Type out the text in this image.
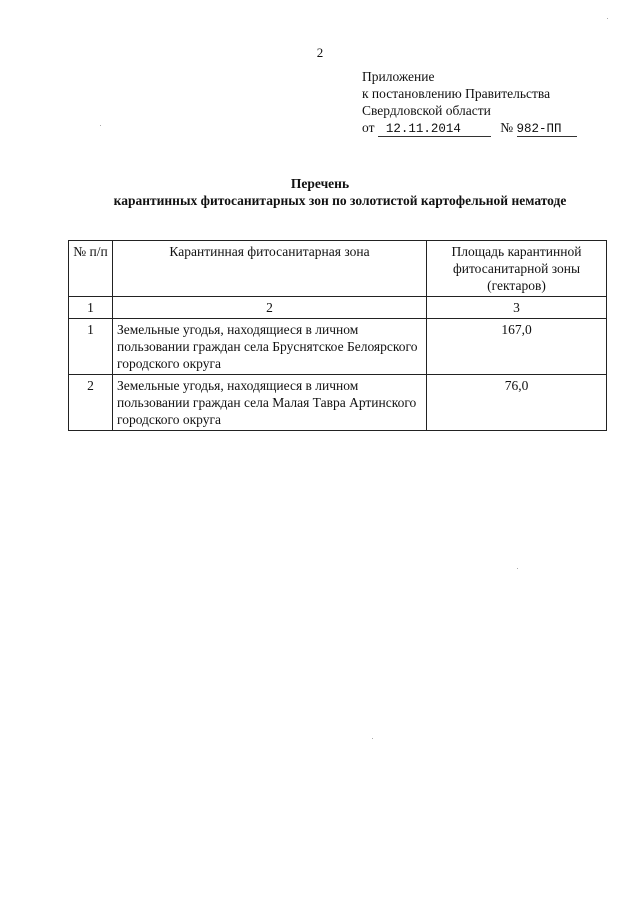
2
Приложение
к постановлению Правительства
Свердловской области
от 12.11.2014	№ 982-ПП
Перечень
карантинных фитосанитарных зон по золотистой картофельной нематоде
№ п/п	Карантинная фитосанитарная зона	Площадь карантинной фитосанитарной зоны (гектаров)
1	2	3
1	Земельные угодья, находящиеся в личном пользовании граждан села Бруснятское Белоярского городского округа	167,0
2	Земельные угодья, находящиеся в личном пользовании граждан села Малая Тавра Артинского городского округа	76,0
